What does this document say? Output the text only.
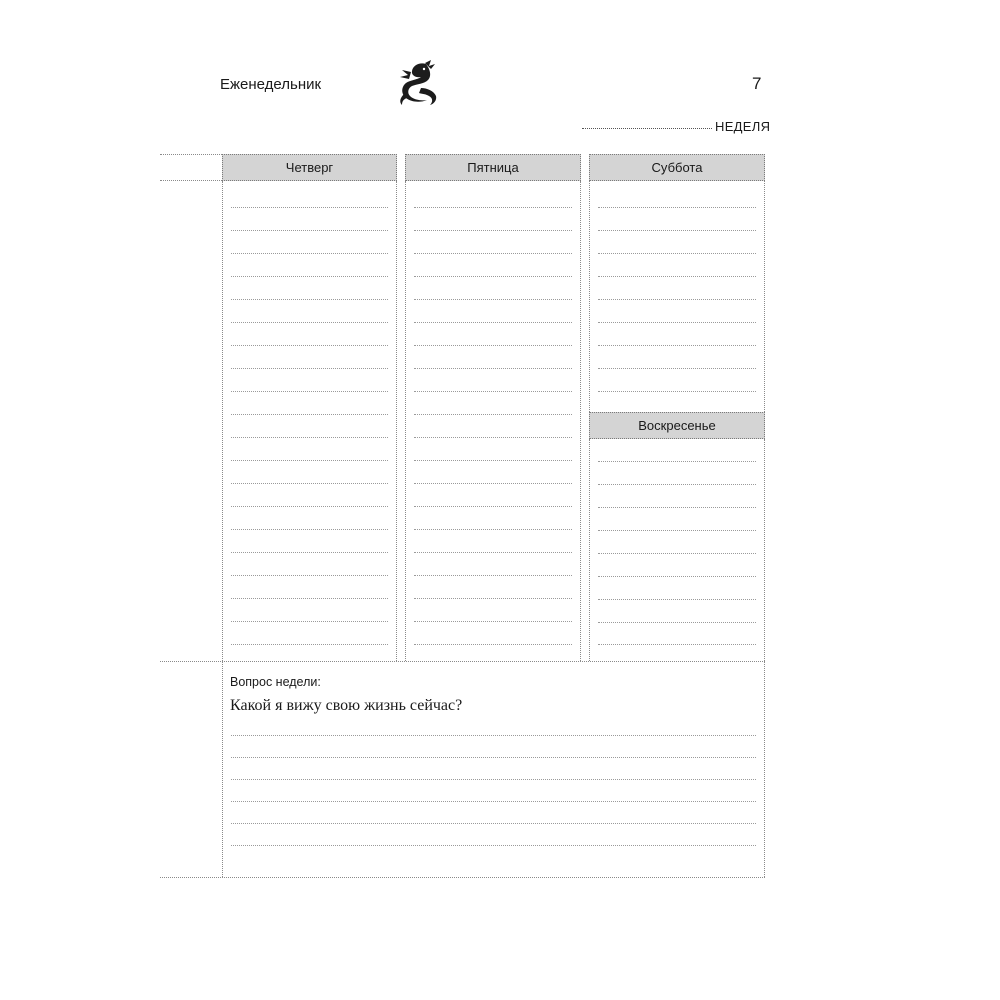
Еженедельник	7
НЕДЕЛЯ
Четверг	Пятница	Суббота
Воскресенье
Вопрос недели:
Какой я вижу свою жизнь сейчас?
